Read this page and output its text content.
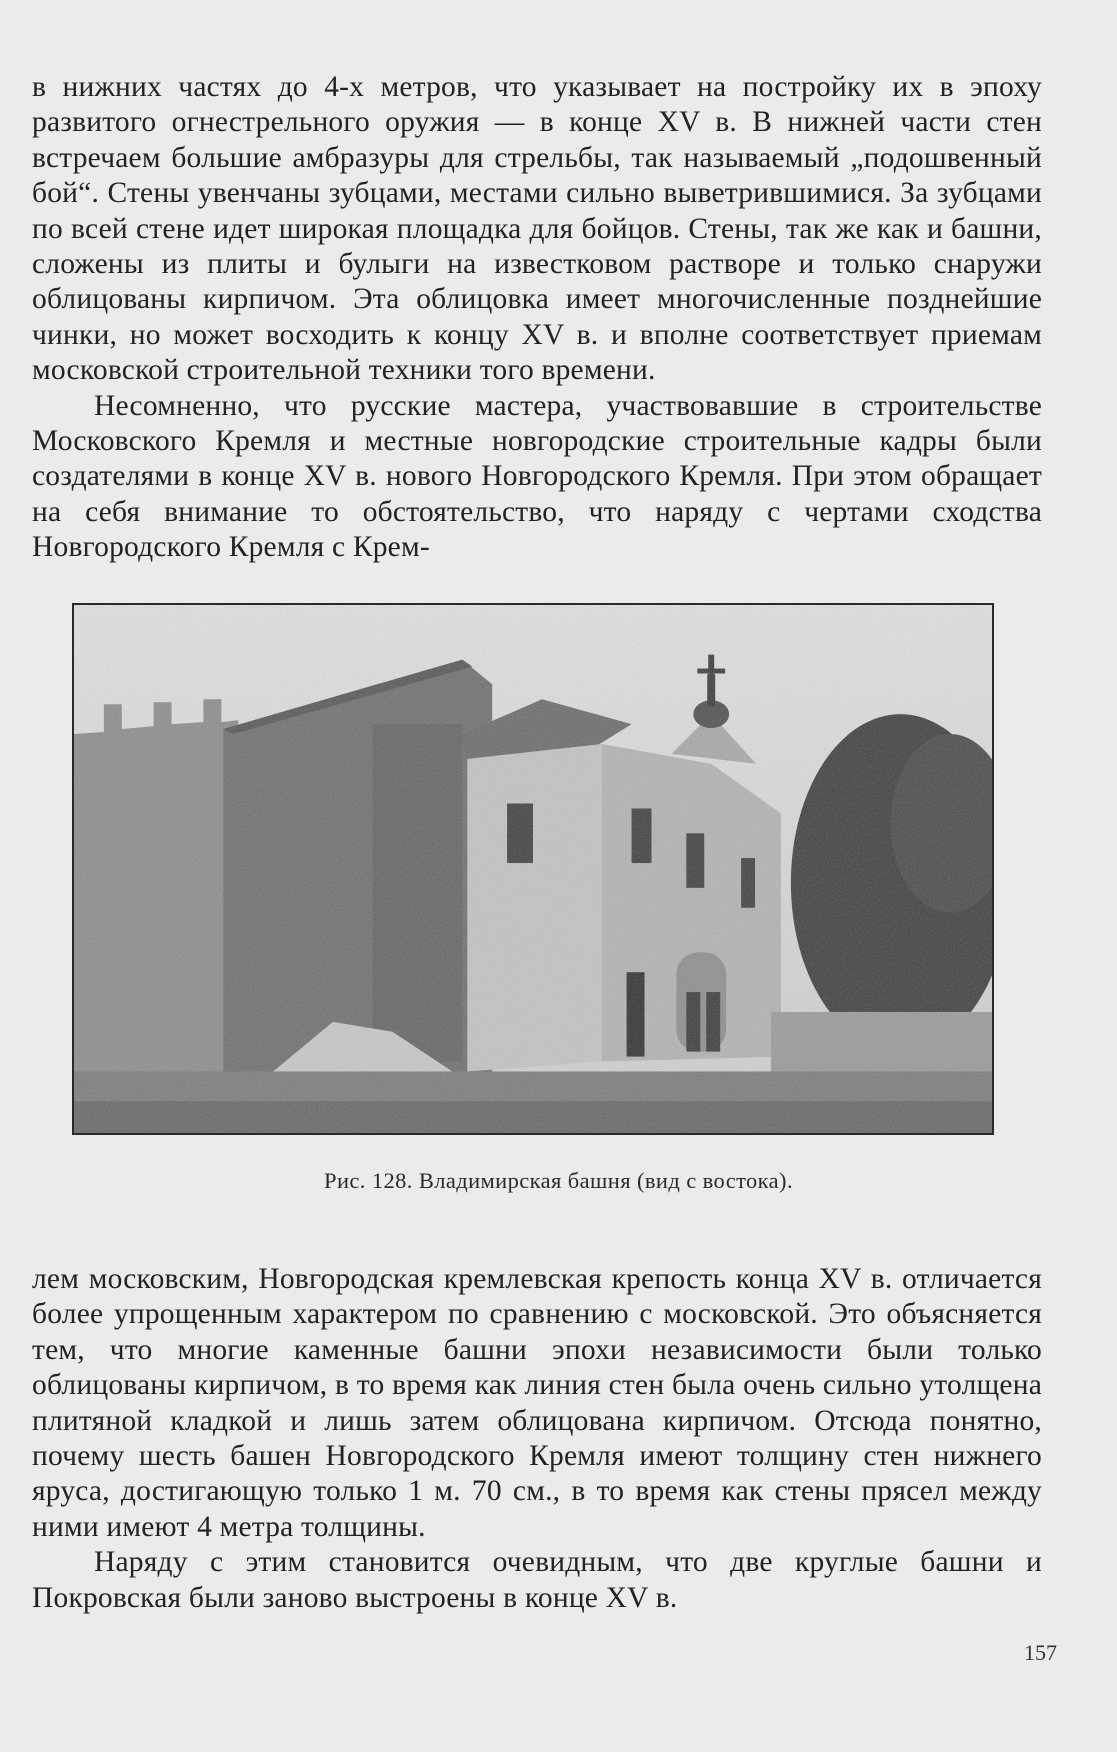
в нижних частях до 4-х метров, что указывает на постройку их в эпоху развитого огнестрельного оружия — в конце XV в. В нижней части стен встречаем большие амбразуры для стрельбы, так называемый „подошвенный бой“. Стены увенчаны зубцами, местами сильно выветрившимися. За зубцами по всей стене идет широкая площадка для бойцов. Стены, так же как и башни, сложены из плиты и булыги на известковом растворе и только снаружи облицованы кирпичом. Эта облицовка имеет многочисленные позднейшие чинки, но может восходить к концу XV в. и вполне соответствует приемам московской строительной техники того времени.

Несомненно, что русские мастера, участвовавшие в строительстве Московского Кремля и местные новгородские строительные кадры были создателями в конце XV в. нового Новгородского Кремля. При этом обращает на себя внимание то обстоятельство, что наряду с чертами сходства Новгородского Кремля с Крем-

Рис. 128. Владимирская башня (вид с востока).

лем московским, Новгородская кремлевская крепость конца XV в. отличается более упрощенным характером по сравнению с московской. Это объясняется тем, что многие каменные башни эпохи независимости были только облицованы кирпичом, в то время как линия стен была очень сильно утолщена плитяной кладкой и лишь затем облицована кирпичом. Отсюда понятно, почему шесть башен Новгородского Кремля имеют толщину стен нижнего яруса, достигающую только 1 м. 70 см., в то время как стены прясел между ними имеют 4 метра толщины.

Наряду с этим становится очевидным, что две круглые башни и Покровская были заново выстроены в конце XV в.

157
